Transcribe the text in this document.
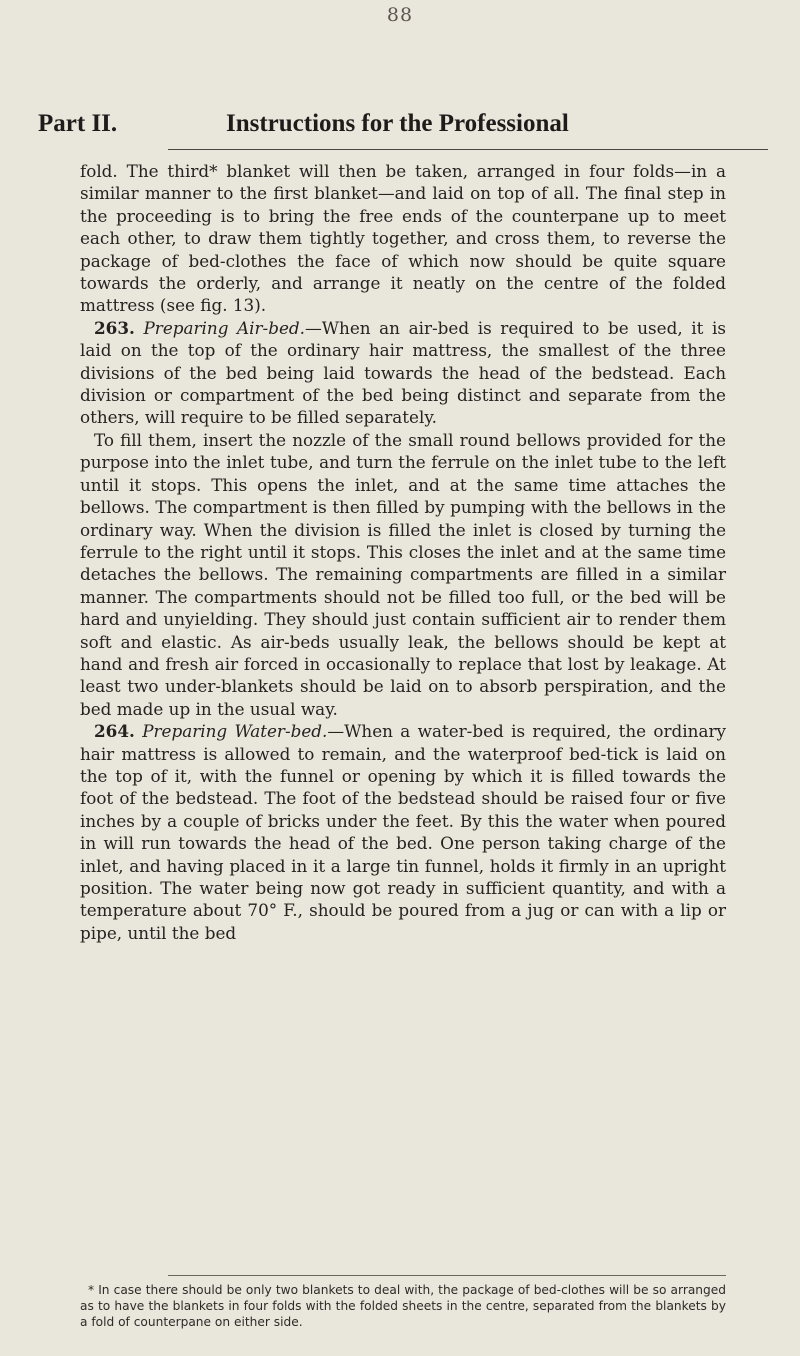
88
Part II.	Instructions for the Professional

fold. The third* blanket will then be taken, arranged in four folds—in a similar manner to the first blanket—and laid on top of all. The final step in the proceeding is to bring the free ends of the counterpane up to meet each other, to draw them tightly together, and cross them, to reverse the package of bed-clothes the face of which now should be quite square towards the orderly, and arrange it neatly on the centre of the folded mattress (see fig. 13).

263. Preparing Air-bed.—When an air-bed is required to be used, it is laid on the top of the ordinary hair mattress, the smallest of the three divisions of the bed being laid towards the head of the bedstead. Each division or compartment of the bed being distinct and separate from the others, will require to be filled separately.

To fill them, insert the nozzle of the small round bellows provided for the purpose into the inlet tube, and turn the ferrule on the inlet tube to the left until it stops. This opens the inlet, and at the same time attaches the bellows. The compartment is then filled by pumping with the bellows in the ordinary way. When the division is filled the inlet is closed by turning the ferrule to the right until it stops. This closes the inlet and at the same time detaches the bellows. The remaining compartments are filled in a similar manner. The compartments should not be filled too full, or the bed will be hard and unyielding. They should just contain sufficient air to render them soft and elastic. As air-beds usually leak, the bellows should be kept at hand and fresh air forced in occasionally to replace that lost by leakage. At least two under-blankets should be laid on to absorb perspiration, and the bed made up in the usual way.

264. Preparing Water-bed.—When a water-bed is required, the ordinary hair mattress is allowed to remain, and the waterproof bed-tick is laid on the top of it, with the funnel or opening by which it is filled towards the foot of the bedstead. The foot of the bedstead should be raised four or five inches by a couple of bricks under the feet. By this the water when poured in will run towards the head of the bed. One person taking charge of the inlet, and having placed in it a large tin funnel, holds it firmly in an upright position. The water being now got ready in sufficient quantity, and with a temperature about 70° F., should be poured from a jug or can with a lip or pipe, until the bed

* In case there should be only two blankets to deal with, the package of bed-clothes will be so arranged as to have the blankets in four folds with the folded sheets in the centre, separated from the blankets by a fold of counterpane on either side.
